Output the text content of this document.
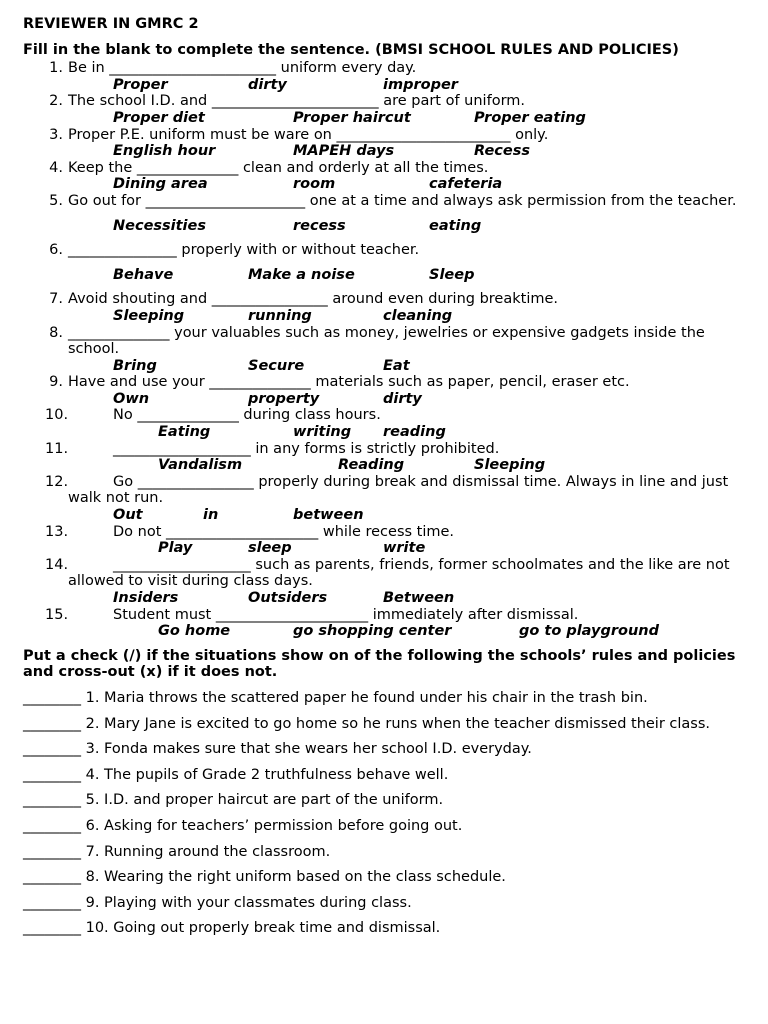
REVIEWER IN GMRC 2
Fill in the blank to complete the sentence. (BMSI SCHOOL RULES AND POLICIES)
1. Be in _______________________ uniform every day.
Proper	dirty	improper
2. The school I.D. and _______________________ are part of uniform.
Proper diet	Proper haircut	Proper eating
3. Proper P.E. uniform must be ware on ________________________ only.
English hour	MAPEH days	Recess
4. Keep the ______________ clean and orderly at all the times.
Dining area	room	cafeteria
5. Go out for ______________________ one at a time and always ask permission from the teacher.
Necessities	recess	eating
6. _______________ properly with or without teacher.
Behave	Make a noise	Sleep
7. Avoid shouting and ________________ around even during breaktime.
Sleeping	running	cleaning
8. ______________ your valuables such as money, jewelries or expensive gadgets inside the school.
Bring	Secure	Eat
9. Have and use your ______________ materials such as paper, pencil, eraser etc.
Own	property	dirty
10.	No ______________ during class hours.
Eating	writing reading
11.	___________________ in any forms is strictly prohibited.
Vandalism	Reading	Sleeping
12.	Go ________________ properly during break and dismissal time. Always in line and just walk not run.
Out	in	between
13.	Do not _____________________ while recess time.
Play	sleep	write
14.	___________________ such as parents, friends, former schoolmates and the like are not allowed to visit during class days.
Insiders	Outsiders	Between
15.	Student must _____________________ immediately after dismissal.
Go home	go shopping center	go to playground
Put a check (/) if the situations show on of the following the schools’ rules and policies and cross-out (x) if it does not.
________ 1. Maria throws the scattered paper he found under his chair in the trash bin.
________ 2. Mary Jane is excited to go home so he runs when the teacher dismissed their class.
________ 3. Fonda makes sure that she wears her school I.D. everyday.
________ 4. The pupils of Grade 2 truthfulness behave well.
________ 5. I.D. and proper haircut are part of the uniform.
________ 6. Asking for teachers’ permission before going out.
________ 7. Running around the classroom.
________ 8. Wearing the right uniform based on the class schedule.
________ 9. Playing with your classmates during class.
________ 10. Going out properly break time and dismissal.
